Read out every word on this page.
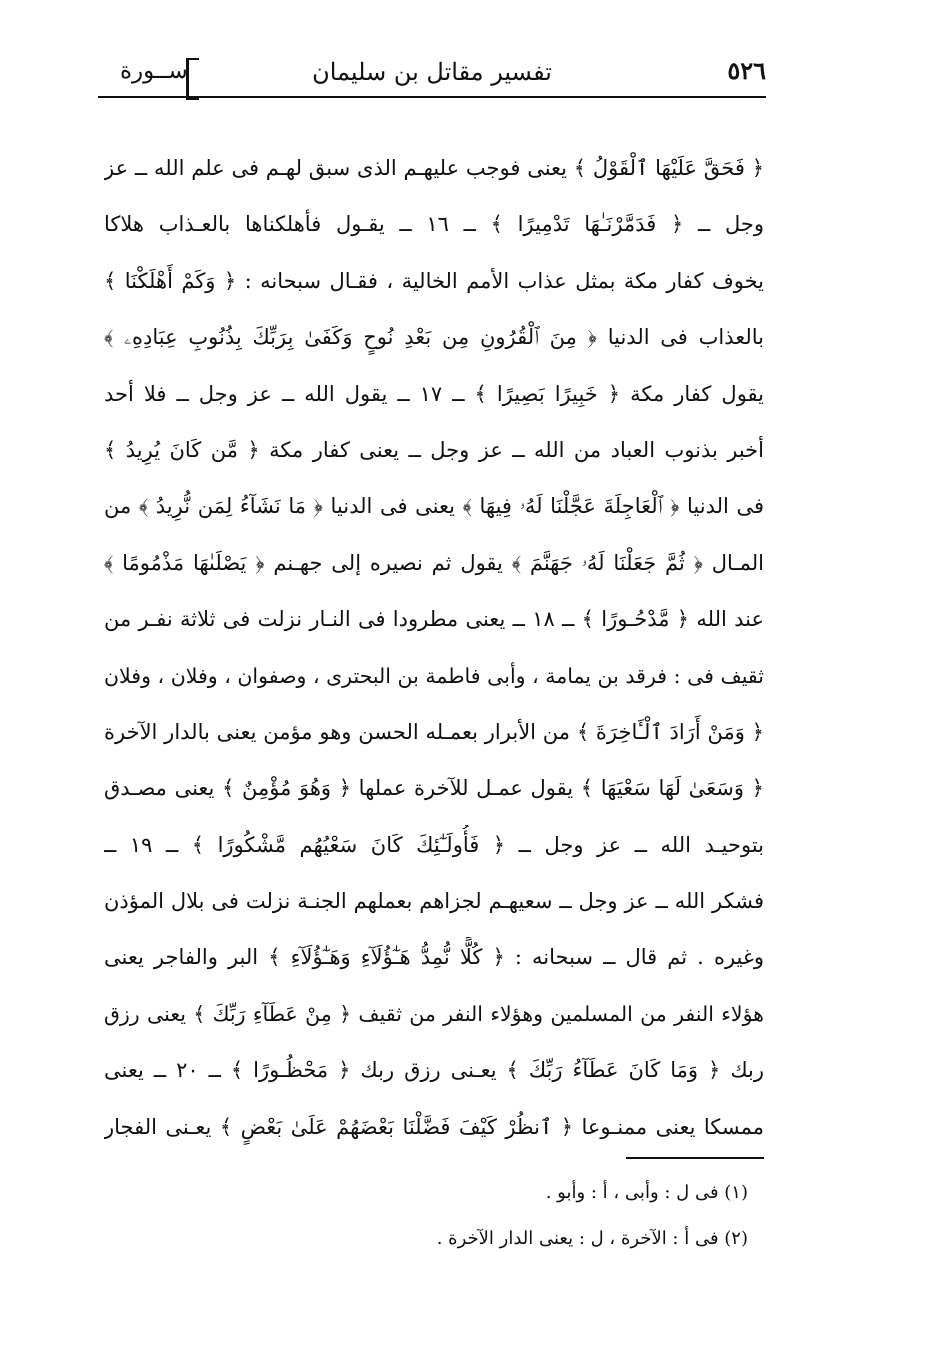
٥٢٦
تفسير مقاتل بن سليمان
ســورة
﴿ فَحَقَّ عَلَيْهَا ٱلْقَوْلُ ﴾ يعنى فوجب عليهـم الذى سبق لهـم فى علم الله ــ عز
وجل ــ ﴿ فَدَمَّرْنَـٰهَا تَدْمِيرًا ﴾ ــ ١٦ ــ يقـول فأهلكناها بالعـذاب هلاكا
يخوف كفار مكة بمثل عذاب الأمم الخالية ، فقـال سبحانه : ﴿ وَكَمْ أَهْلَكْنَا ﴾
بالعذاب فى الدنيا ﴿ مِنَ ٱلْقُرُونِ مِن بَعْدِ نُوحٍ وَكَفَىٰ بِرَبِّكَ بِذُنُوبِ عِبَادِهِۦ ﴾
يقول كفار مكة ﴿ خَبِيرًا بَصِيرًا ﴾ ــ ١٧ ــ يقول الله ــ عز وجل ــ فلا أحد
أخبر بذنوب العباد من الله ــ عز وجل ــ يعنى كفار مكة ﴿ مَّن كَانَ يُرِيدُ ﴾
فى الدنيا ﴿ ٱلْعَاجِلَةَ عَجَّلْنَا لَهُۥ فِيهَا ﴾ يعنى فى الدنيا ﴿ مَا نَشَآءُ لِمَن نُّرِيدُ ﴾ من
المـال ﴿ ثُمَّ جَعَلْنَا لَهُۥ جَهَنَّمَ ﴾ يقول ثم نصيره إلى جهـنم ﴿ يَصْلَىٰهَا مَذْمُومًا ﴾
عند الله ﴿ مَّدْحُـورًا ﴾ ــ ١٨ ــ يعنى مطرودا فى النـار نزلت فى ثلاثة نفـر من
ثقيف فى : فرقد بن يمامة ، وأبى فاطمة بن البحترى ، وصفوان ، وفلان ، وفلان
﴿ وَمَنْ أَرَادَ ٱلْـَٔاخِرَةَ ﴾ من الأبرار بعمـله الحسن وهو مؤمن يعنى بالدار الآخرة
﴿ وَسَعَىٰ لَهَا سَعْيَهَا ﴾ يقول عمـل للآخرة عملها ﴿ وَهُوَ مُؤْمِنٌ ﴾ يعنى مصـدق
بتوحيـد الله ــ عز وجل ــ ﴿ فَأُولَـٰٓئِكَ كَانَ سَعْيُهُم مَّشْكُورًا ﴾ ــ ١٩ ــ
فشكر الله ــ عز وجل ــ سعيهـم لجزاهم بعملهم الجنـة نزلت فى بلال المؤذن
وغيره . ثم قال ــ سبحانه : ﴿ كُلًّا نُّمِدُّ هَـٰٓؤُلَآءِ وَهَـٰٓؤُلَآءِ ﴾ البر والفاجر يعنى
هؤلاء النفر من المسلمين وهؤلاء النفر من ثقيف ﴿ مِنْ عَطَآءِ رَبِّكَ ﴾ يعنى رزق
ربك ﴿ وَمَا كَانَ عَطَآءُ رَبِّكَ ﴾ يعـنى رزق ربك ﴿ مَحْظُـورًا ﴾ ــ ٢٠ ــ يعنى
ممسكا يعنى ممنـوعا ﴿ ٱنظُرْ كَيْفَ فَضَّلْنَا بَعْضَهُمْ عَلَىٰ بَعْضٍ ﴾ يعـنى الفجار
(١) فى ل : وأبى ، أ : وأبو .
(٢) فى أ : الآخرة ، ل : يعنى الدار الآخرة .
